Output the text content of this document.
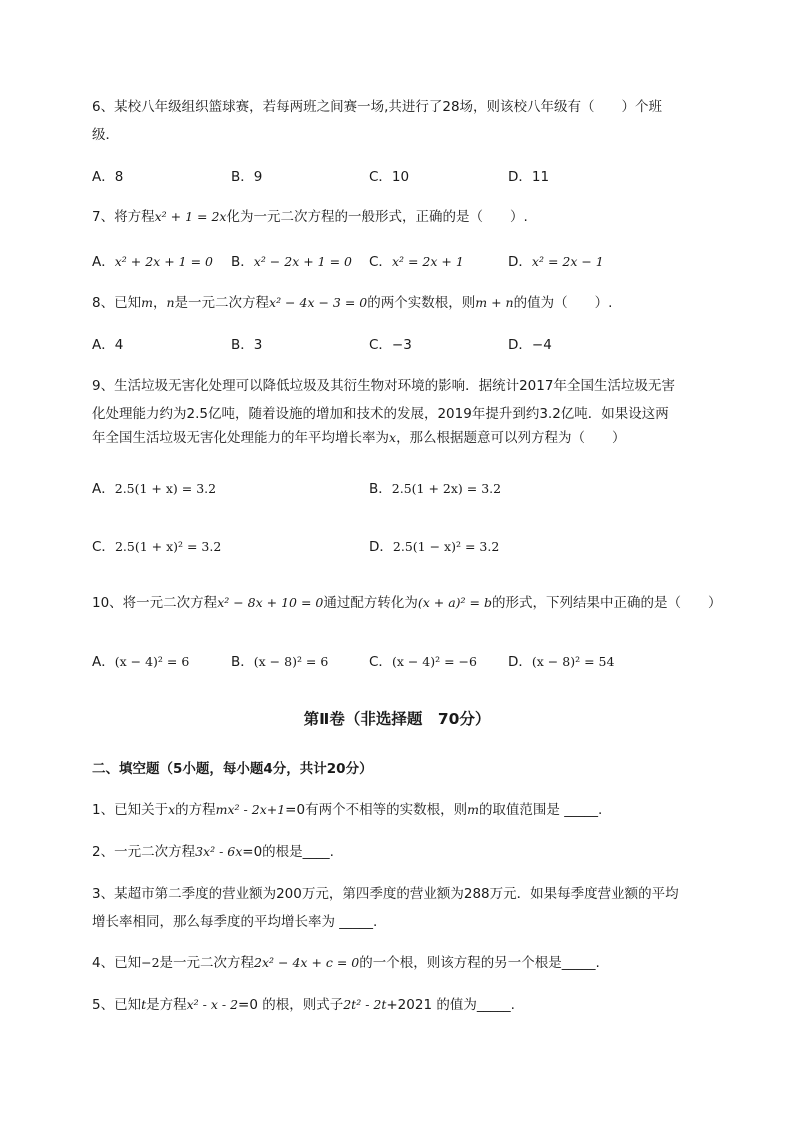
6、某校八年级组织篮球赛，若每两班之间赛一场,共进行了28场，则该校八年级有（　　）个班
级．
A．8	B．9	C．10	D．11
7、将方程x² + 1 = 2x化为一元二次方程的一般形式，正确的是（　　）.
A．x² + 2x + 1 = 0 B．x² − 2x + 1 = 0 C．x² = 2x + 1	D．x² = 2x − 1
8、已知m，n是一元二次方程x² − 4x − 3 = 0的两个实数根，则m + n的值为（　　）.
A．4	B．3	C．−3	D．−4
9、生活垃圾无害化处理可以降低垃圾及其衍生物对环境的影响．据统计2017年全国生活垃圾无害
化处理能力约为2.5亿吨，随着设施的增加和技术的发展，2019年提升到约3.2亿吨．如果设这两
年全国生活垃圾无害化处理能力的年平均增长率为x，那么根据题意可以列方程为（　　）
A．2.5(1 + x) = 3.2	B．2.5(1 + 2x) = 3.2
C．2.5(1 + x)² = 3.2	D．2.5(1 − x)² = 3.2
10、将一元二次方程x² − 8x + 10 = 0通过配方转化为(x + a)² = b的形式，下列结果中正确的是（　　）
A．(x − 4)² = 6	B．(x − 8)² = 6	C．(x − 4)² = −6 D．(x − 8)² = 54
第Ⅱ卷（非选择题　70分）
二、填空题（5小题，每小题4分，共计20分）
1、已知关于x的方程mx² - 2x+1=0有两个不相等的实数根，则m的取值范围是 _____.
2、一元二次方程3x² - 6x=0的根是____.
3、某超市第二季度的营业额为200万元，第四季度的营业额为288万元．如果每季度营业额的平均
增长率相同，那么每季度的平均增长率为 _____.
4、已知−2是一元二次方程2x² − 4x + c = 0的一个根，则该方程的另一个根是_____.
5、已知t是方程x² - x - 2=0 的根，则式子2t² - 2t+2021 的值为_____.
